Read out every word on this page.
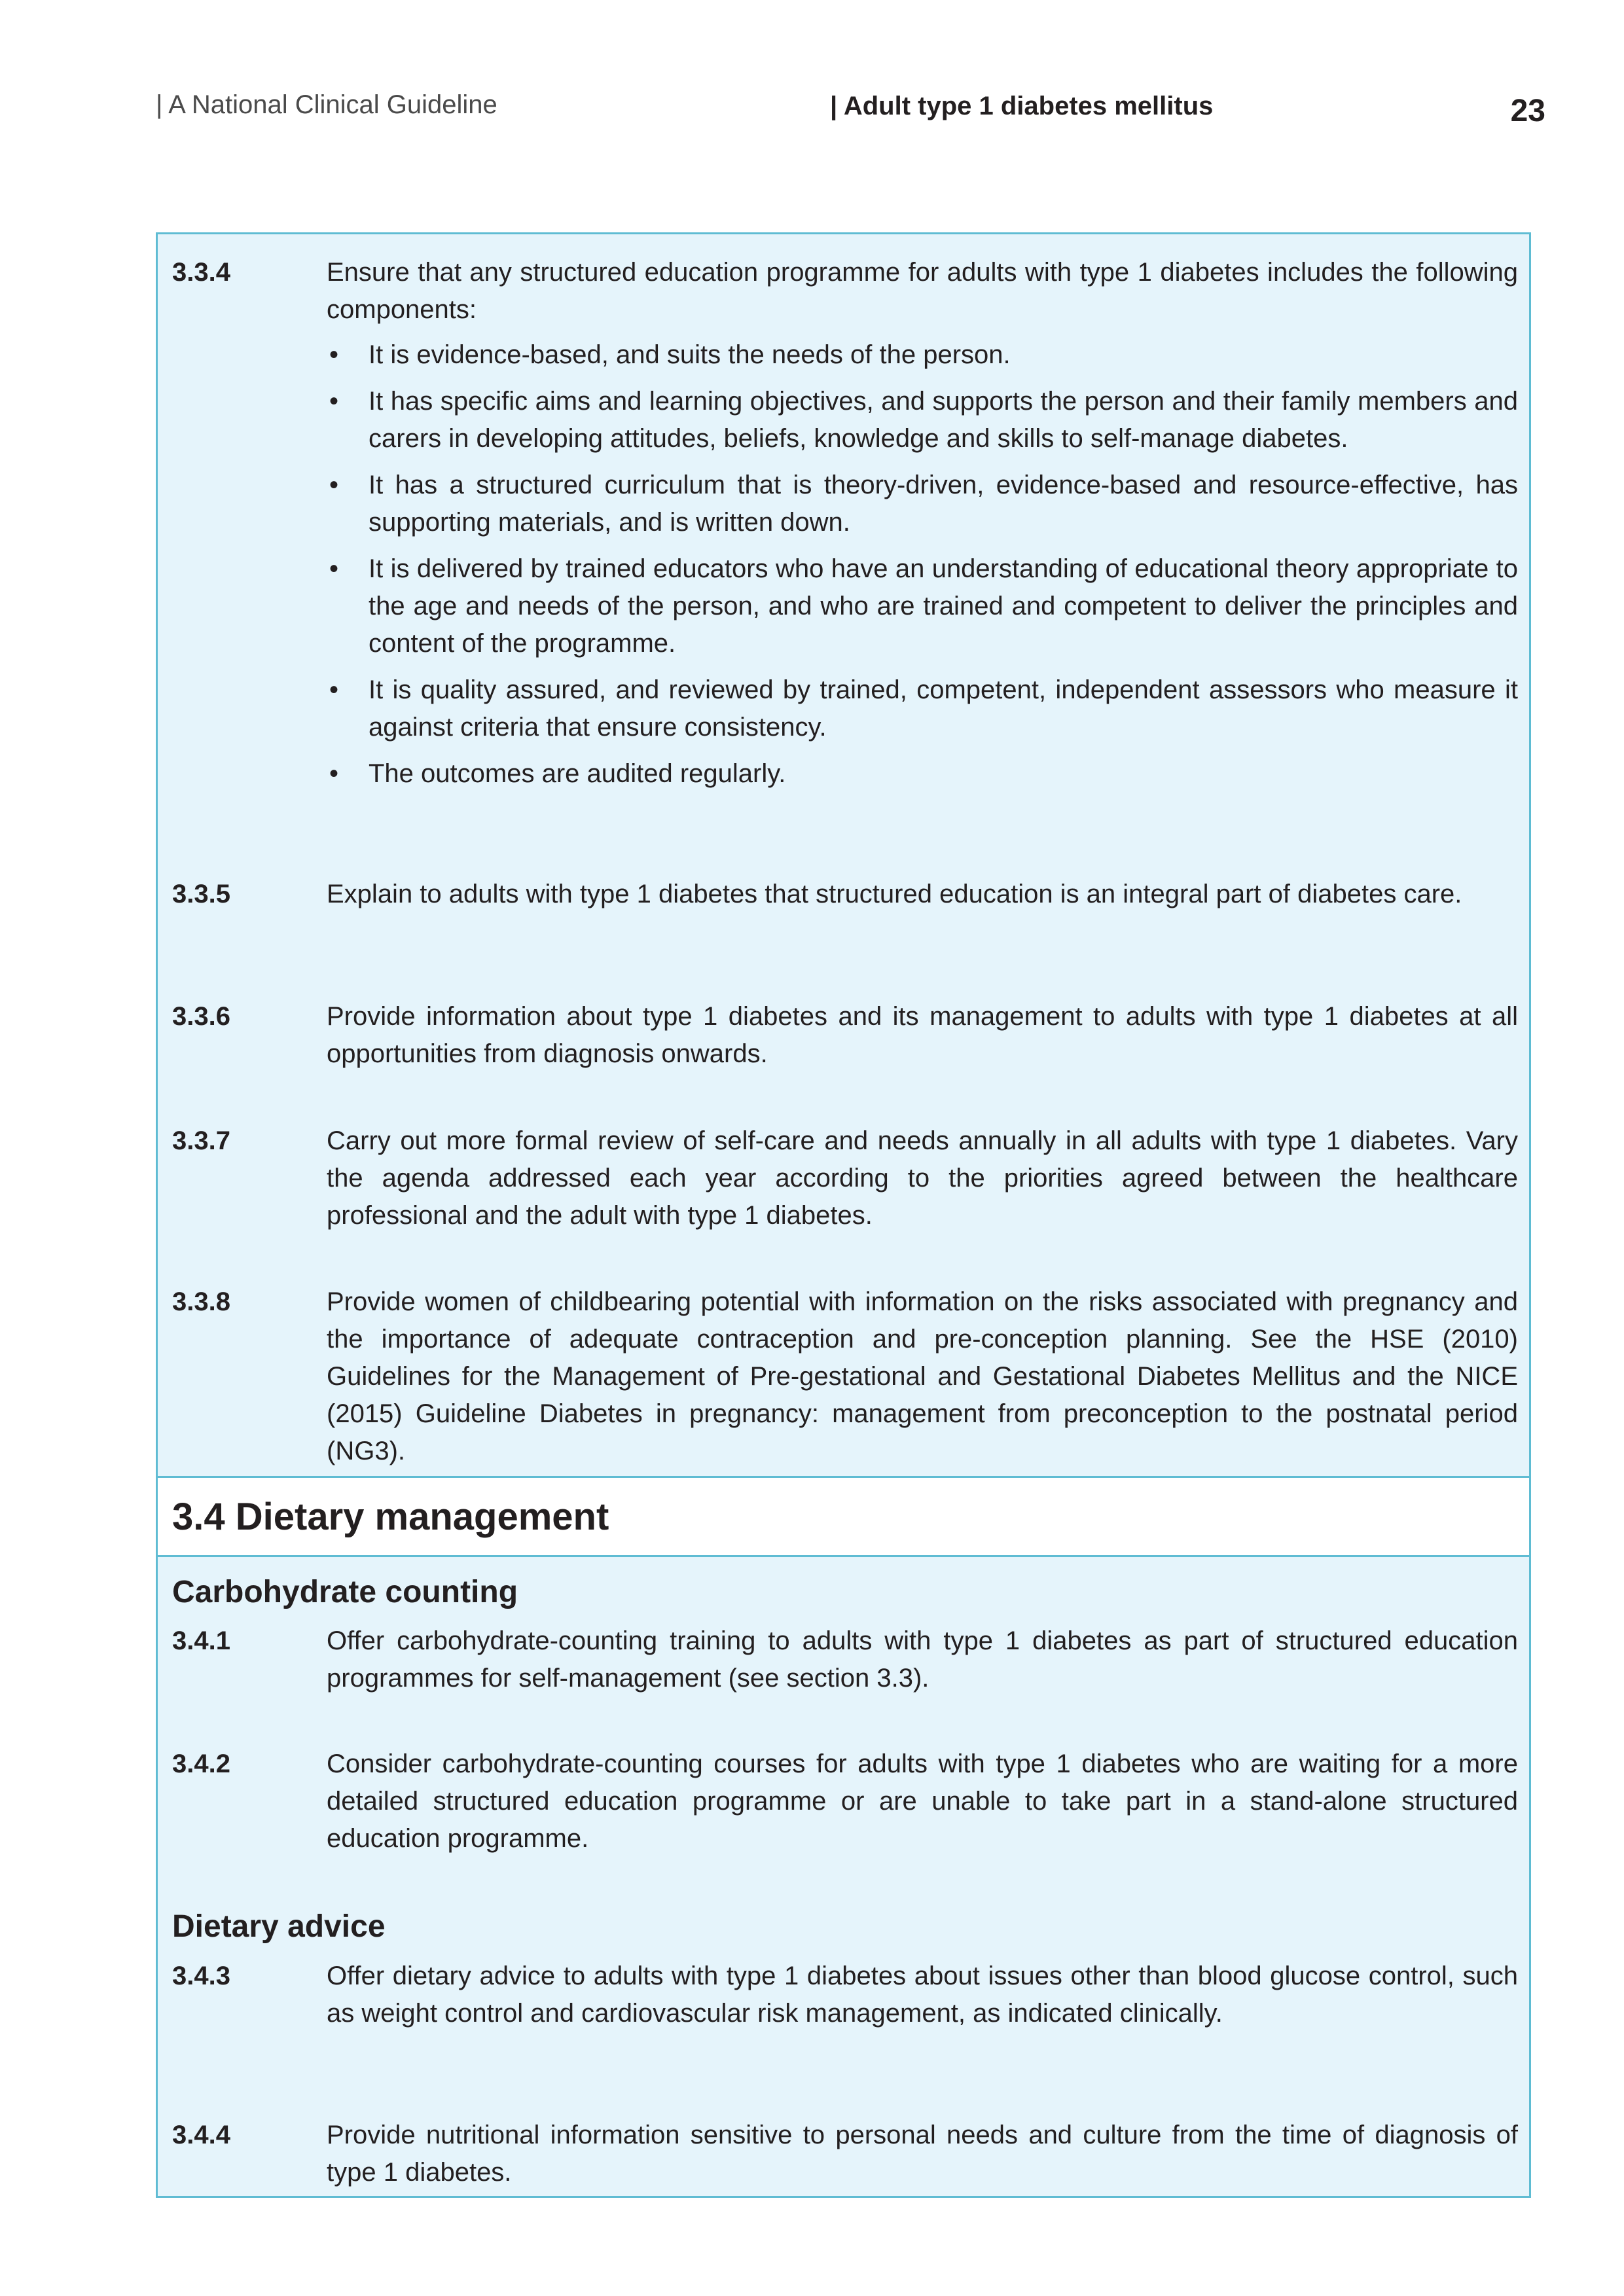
| A National Clinical Guideline	| Adult type 1 diabetes mellitus	23
3.3.4	Ensure that any structured education programme for adults with type 1 diabetes includes the following components:

• It is evidence-based, and suits the needs of the person.
• It has specific aims and learning objectives, and supports the person and their family members and carers in developing attitudes, beliefs, knowledge and skills to self-manage diabetes.
• It has a structured curriculum that is theory-driven, evidence-based and resource-effective, has supporting materials, and is written down.
• It is delivered by trained educators who have an understanding of educational theory appropriate to the age and needs of the person, and who are trained and competent to deliver the principles and content of the programme.
• It is quality assured, and reviewed by trained, competent, independent assessors who measure it against criteria that ensure consistency.
• The outcomes are audited regularly.
3.3.5	Explain to adults with type 1 diabetes that structured education is an integral part of diabetes care.
3.3.6	Provide information about type 1 diabetes and its management to adults with type 1 diabetes at all opportunities from diagnosis onwards.
3.3.7	Carry out more formal review of self-care and needs annually in all adults with type 1 diabetes. Vary the agenda addressed each year according to the priorities agreed between the healthcare professional and the adult with type 1 diabetes.
3.3.8	Provide women of childbearing potential with information on the risks associated with pregnancy and the importance of adequate contraception and pre-conception planning. See the HSE (2010) Guidelines for the Management of Pre-gestational and Gestational Diabetes Mellitus and the NICE (2015) Guideline Diabetes in pregnancy: management from preconception to the postnatal period (NG3).
3.4 Dietary management
Carbohydrate counting
3.4.1	Offer carbohydrate-counting training to adults with type 1 diabetes as part of structured education programmes for self-management (see section 3.3).
3.4.2	Consider carbohydrate-counting courses for adults with type 1 diabetes who are waiting for a more detailed structured education programme or are unable to take part in a stand-alone structured education programme.
Dietary advice
3.4.3	Offer dietary advice to adults with type 1 diabetes about issues other than blood glucose control, such as weight control and cardiovascular risk management, as indicated clinically.
3.4.4	Provide nutritional information sensitive to personal needs and culture from the time of diagnosis of type 1 diabetes.
